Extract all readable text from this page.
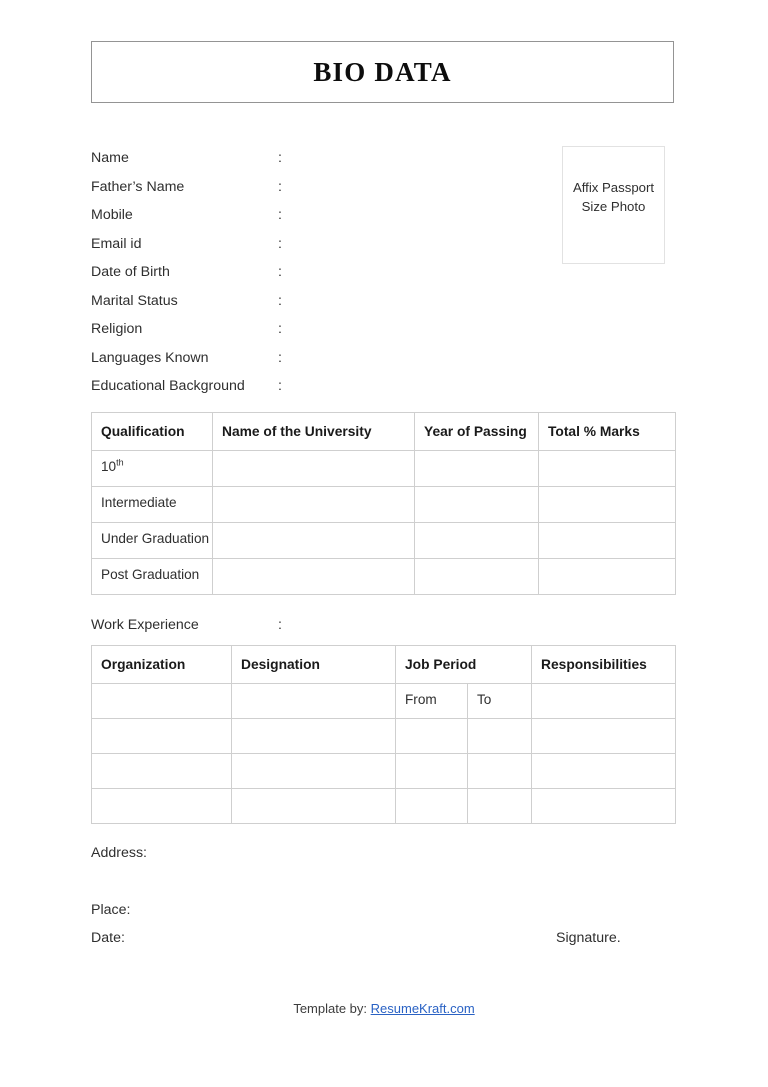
BIO DATA
Name	:
Father’s Name	:
Mobile	:
Email id	:
Date of Birth	:
Marital Status	:
Religion	:
Languages Known	:
Educational Background :
Affix Passport
Size Photo
Qualification	Name of the University	Year of Passing	Total % Marks
10th			
Intermediate			
Under Graduation			
Post Graduation			
Work Experience	:
Organization	Designation	Job Period		Responsibilities
		From	To	

Address:
Place:
Date:	Signature.
Template by: ResumeKraft.com
